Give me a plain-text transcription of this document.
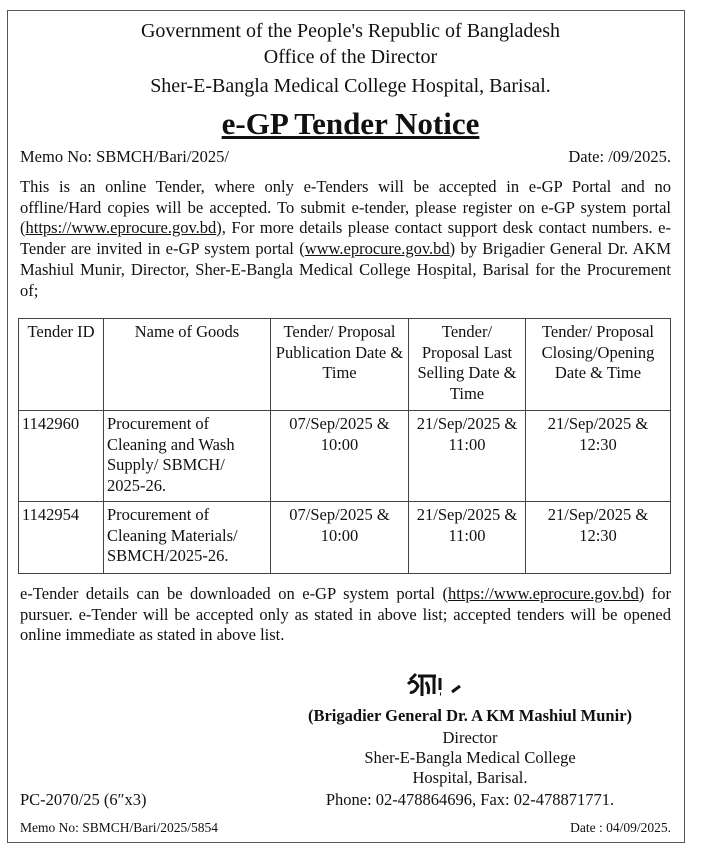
Government of the People's Republic of Bangladesh
Office of the Director
Sher-E-Bangla Medical College Hospital, Barisal.
e-GP Tender Notice
Memo No: SBMCH/Bari/2025/	Date: /09/2025.
This is an online Tender, where only e-Tenders will be accepted in e-GP Portal and no offline/Hard copies will be accepted. To submit e-tender, please register on e-GP system portal (https://www.eprocure.gov.bd), For more details please contact support desk contact numbers. e-Tender are invited in e-GP system portal (www.eprocure.gov.bd) by Brigadier General Dr. AKM Mashiul Munir, Director, Sher-E-Bangla Medical College Hospital, Barisal for the Procurement of;
Tender ID	Name of Goods	Tender/ Proposal Publication Date & Time	Tender/ Proposal Last Selling Date & Time	Tender/ Proposal Closing/Opening Date & Time
1142960	Procurement of Cleaning and Wash Supply/ SBMCH/ 2025-26.	07/Sep/2025 & 10:00	21/Sep/2025 & 11:00	21/Sep/2025 & 12:30
1142954	Procurement of Cleaning Materials/ SBMCH/2025-26.	07/Sep/2025 & 10:00	21/Sep/2025 & 11:00	21/Sep/2025 & 12:30
e-Tender details can be downloaded on e-GP system portal (https://www.eprocure.gov.bd) for pursuer. e-Tender will be accepted only as stated in above list; accepted tenders will be opened online immediate as stated in above list.
(Brigadier General Dr. A KM Mashiul Munir)
Director
Sher-E-Bangla Medical College
Hospital, Barisal.
Phone: 02-478864696, Fax: 02-478871771.
PC-2070/25 (6″x3)
Memo No: SBMCH/Bari/2025/5854	Date : 04/09/2025.
